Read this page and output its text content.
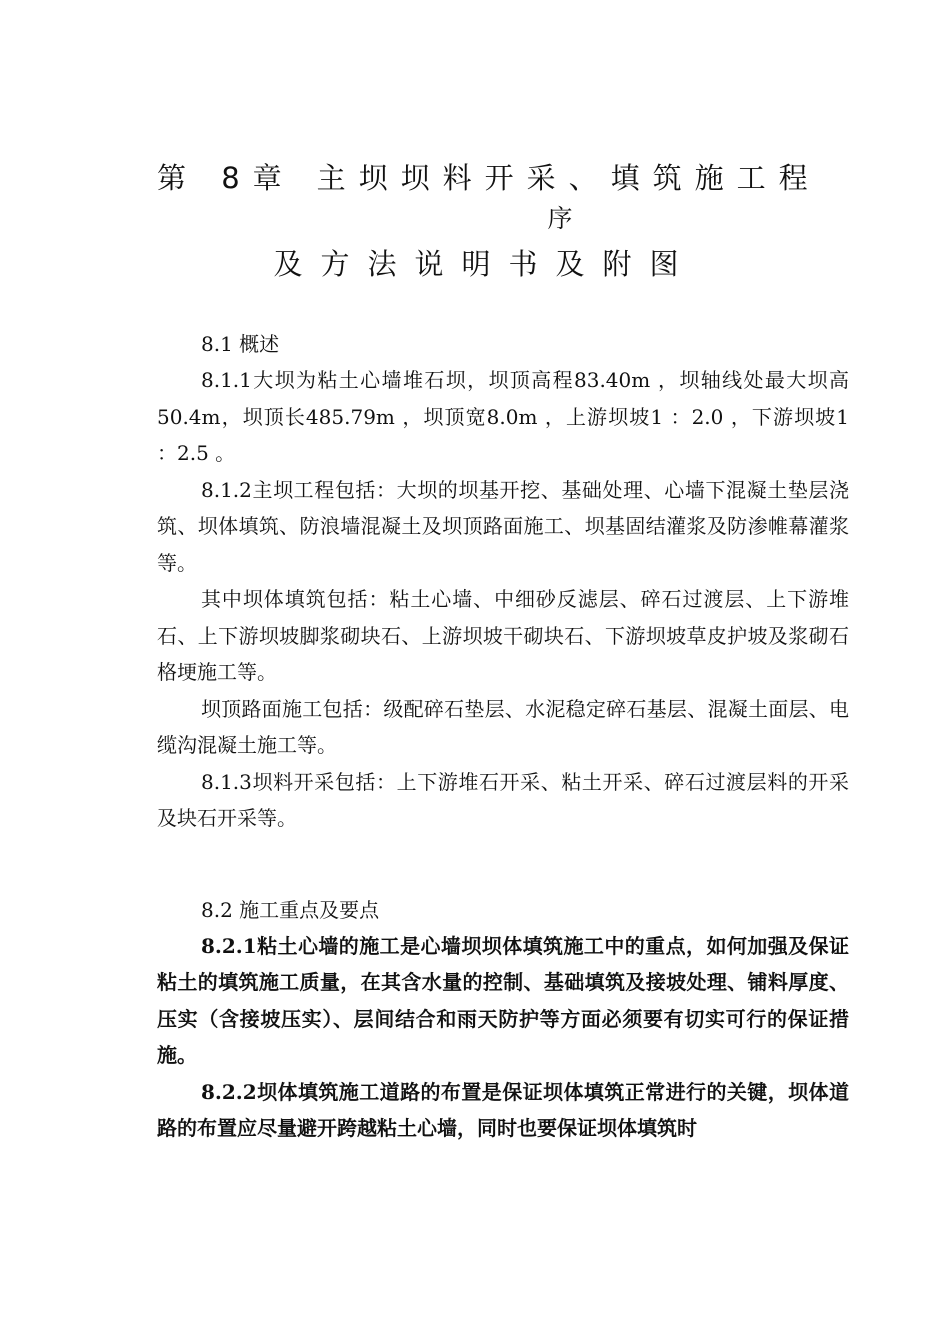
第 8章 主坝坝料开采、填筑施工程
序
及方法说明书及附图

8.1 概述

8.1.1大坝为粘土心墙堆石坝，坝顶高程83.40m ，坝轴线处最大坝高50.4m，坝顶长485.79m ，坝顶宽8.0m ，上游坝坡1 ：2.0 ，下游坝坡1 ：2.5 。

8.1.2主坝工程包括：大坝的坝基开挖、基础处理、心墙下混凝土垫层浇筑、坝体填筑、防浪墙混凝土及坝顶路面施工、坝基固结灌浆及防渗帷幕灌浆等。

其中坝体填筑包括：粘土心墙、中细砂反滤层、碎石过渡层、上下游堆石、上下游坝坡脚浆砌块石、上游坝坡干砌块石、下游坝坡草皮护坡及浆砌石格埂施工等。

坝顶路面施工包括：级配碎石垫层、水泥稳定碎石基层、混凝土面层、电缆沟混凝土施工等。

8.1.3坝料开采包括：上下游堆石开采、粘土开采、碎石过渡层料的开采及块石开采等。

8.2 施工重点及要点

8.2.1粘土心墙的施工是心墙坝坝体填筑施工中的重点，如何加强及保证粘土的填筑施工质量，在其含水量的控制、基础填筑及接坡处理、铺料厚度、压实（含接坡压实）、层间结合和雨天防护等方面必须要有切实可行的保证措施。

8.2.2坝体填筑施工道路的布置是保证坝体填筑正常进行的关键，坝体道路的布置应尽量避开跨越粘土心墙，同时也要保证坝体填筑时
